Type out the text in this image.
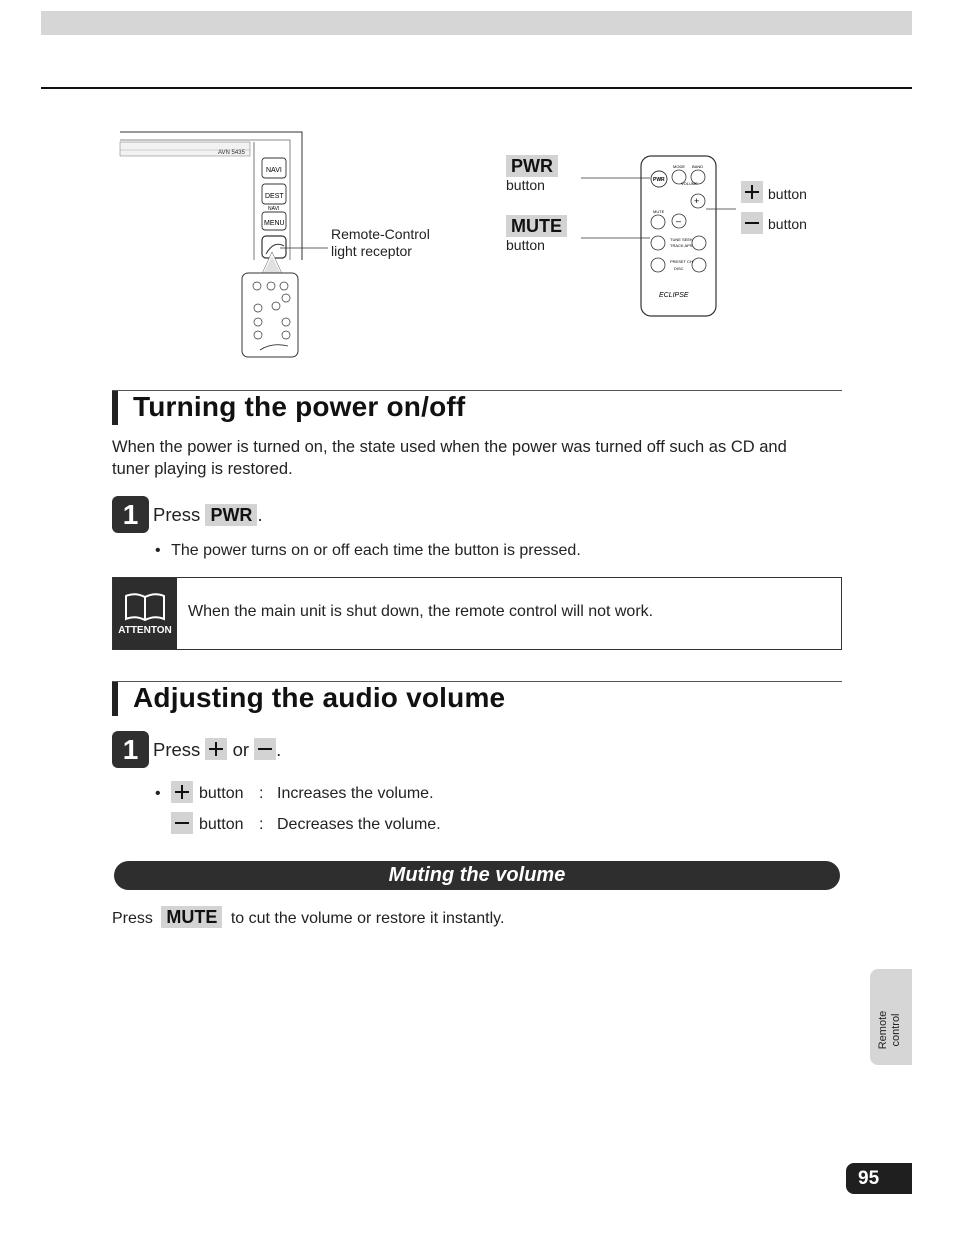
AVN 5435
NAVI
DEST
NAVI
MENU
Remote-Control
light receptor
PWR
MODE BAND
VOLUME
+
–
MUTE
TUNE SEEK
TRACK APS
PRESET CH
DISC
ECLIPSE
PWR
button
MUTE
button
button
button
Turning the power on/off
When the power is turned on, the state used when the power was turned off such as CD and
tuner playing is restored.
1 Press PWR .
• The power turns on or off each time the button is pressed.
ATTENTON
When the main unit is shut down, the remote control will not work.
Adjusting the audio volume
1 Press or .
• button : Increases the volume.
button : Decreases the volume.
Muting the volume
Press MUTE to cut the volume or restore it instantly.
Remote control
95
